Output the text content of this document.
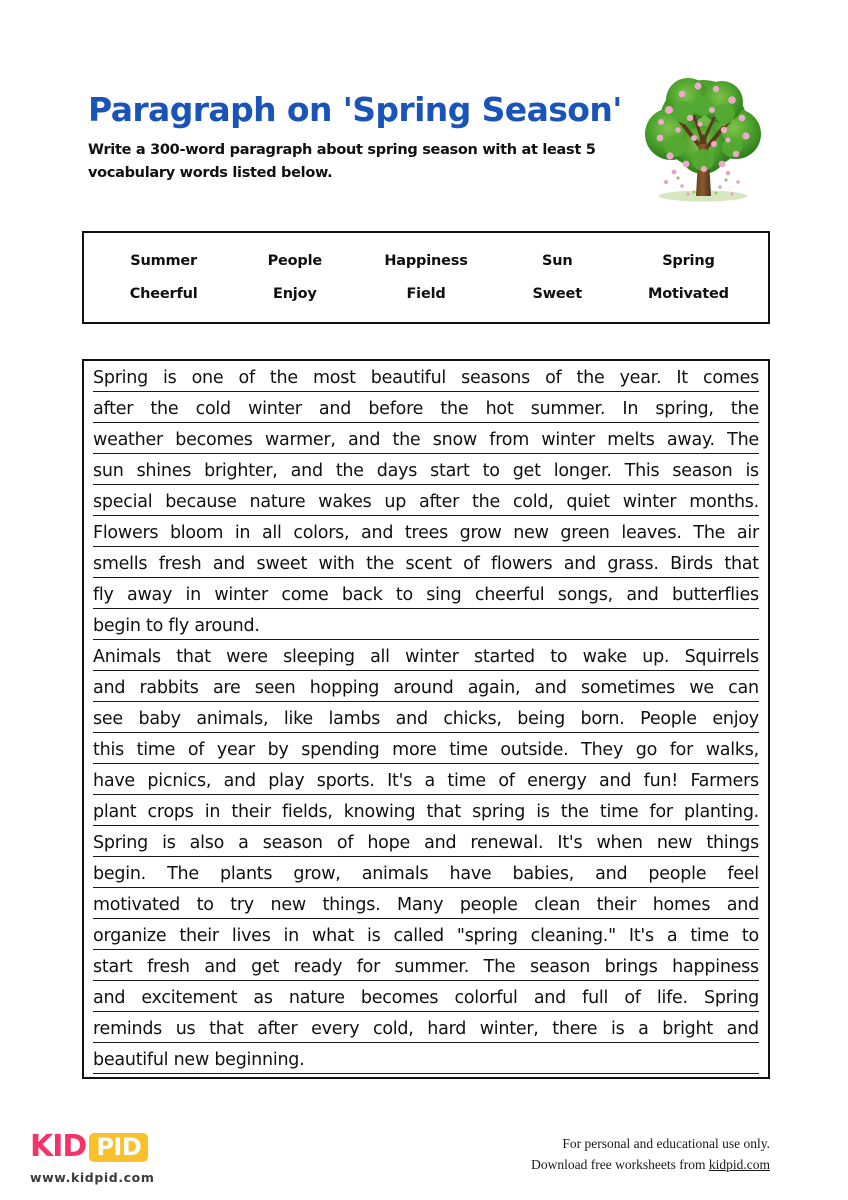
Paragraph on 'Spring Season'

Write a 300-word paragraph about spring season with at least 5 vocabulary words listed below.

Summer	People	Happiness	Sun	Spring
Cheerful	Enjoy	Field	Sweet	Motivated
Spring is one of the most beautiful seasons of the year. It comes
after the cold winter and before the hot summer. In spring, the
weather becomes warmer, and the snow from winter melts away. The
sun shines brighter, and the days start to get longer. This season is
special because nature wakes up after the cold, quiet winter months.
Flowers bloom in all colors, and trees grow new green leaves. The air
smells fresh and sweet with the scent of flowers and grass. Birds that
fly away in winter come back to sing cheerful songs, and butterflies
begin to fly around.
Animals that were sleeping all winter started to wake up. Squirrels
and rabbits are seen hopping around again, and sometimes we can
see baby animals, like lambs and chicks, being born. People enjoy
this time of year by spending more time outside. They go for walks,
have picnics, and play sports. It's a time of energy and fun! Farmers
plant crops in their fields, knowing that spring is the time for planting.
Spring is also a season of hope and renewal. It's when new things
begin. The plants grow, animals have babies, and people feel
motivated to try new things. Many people clean their homes and
organize their lives in what is called "spring cleaning." It's a time to
start fresh and get ready for summer. The season brings happiness
and excitement as nature becomes colorful and full of life. Spring
reminds us that after every cold, hard winter, there is a bright and
beautiful new beginning.
KID PID
www.kidpid.com
For personal and educational use only.
Download free worksheets from kidpid.com
